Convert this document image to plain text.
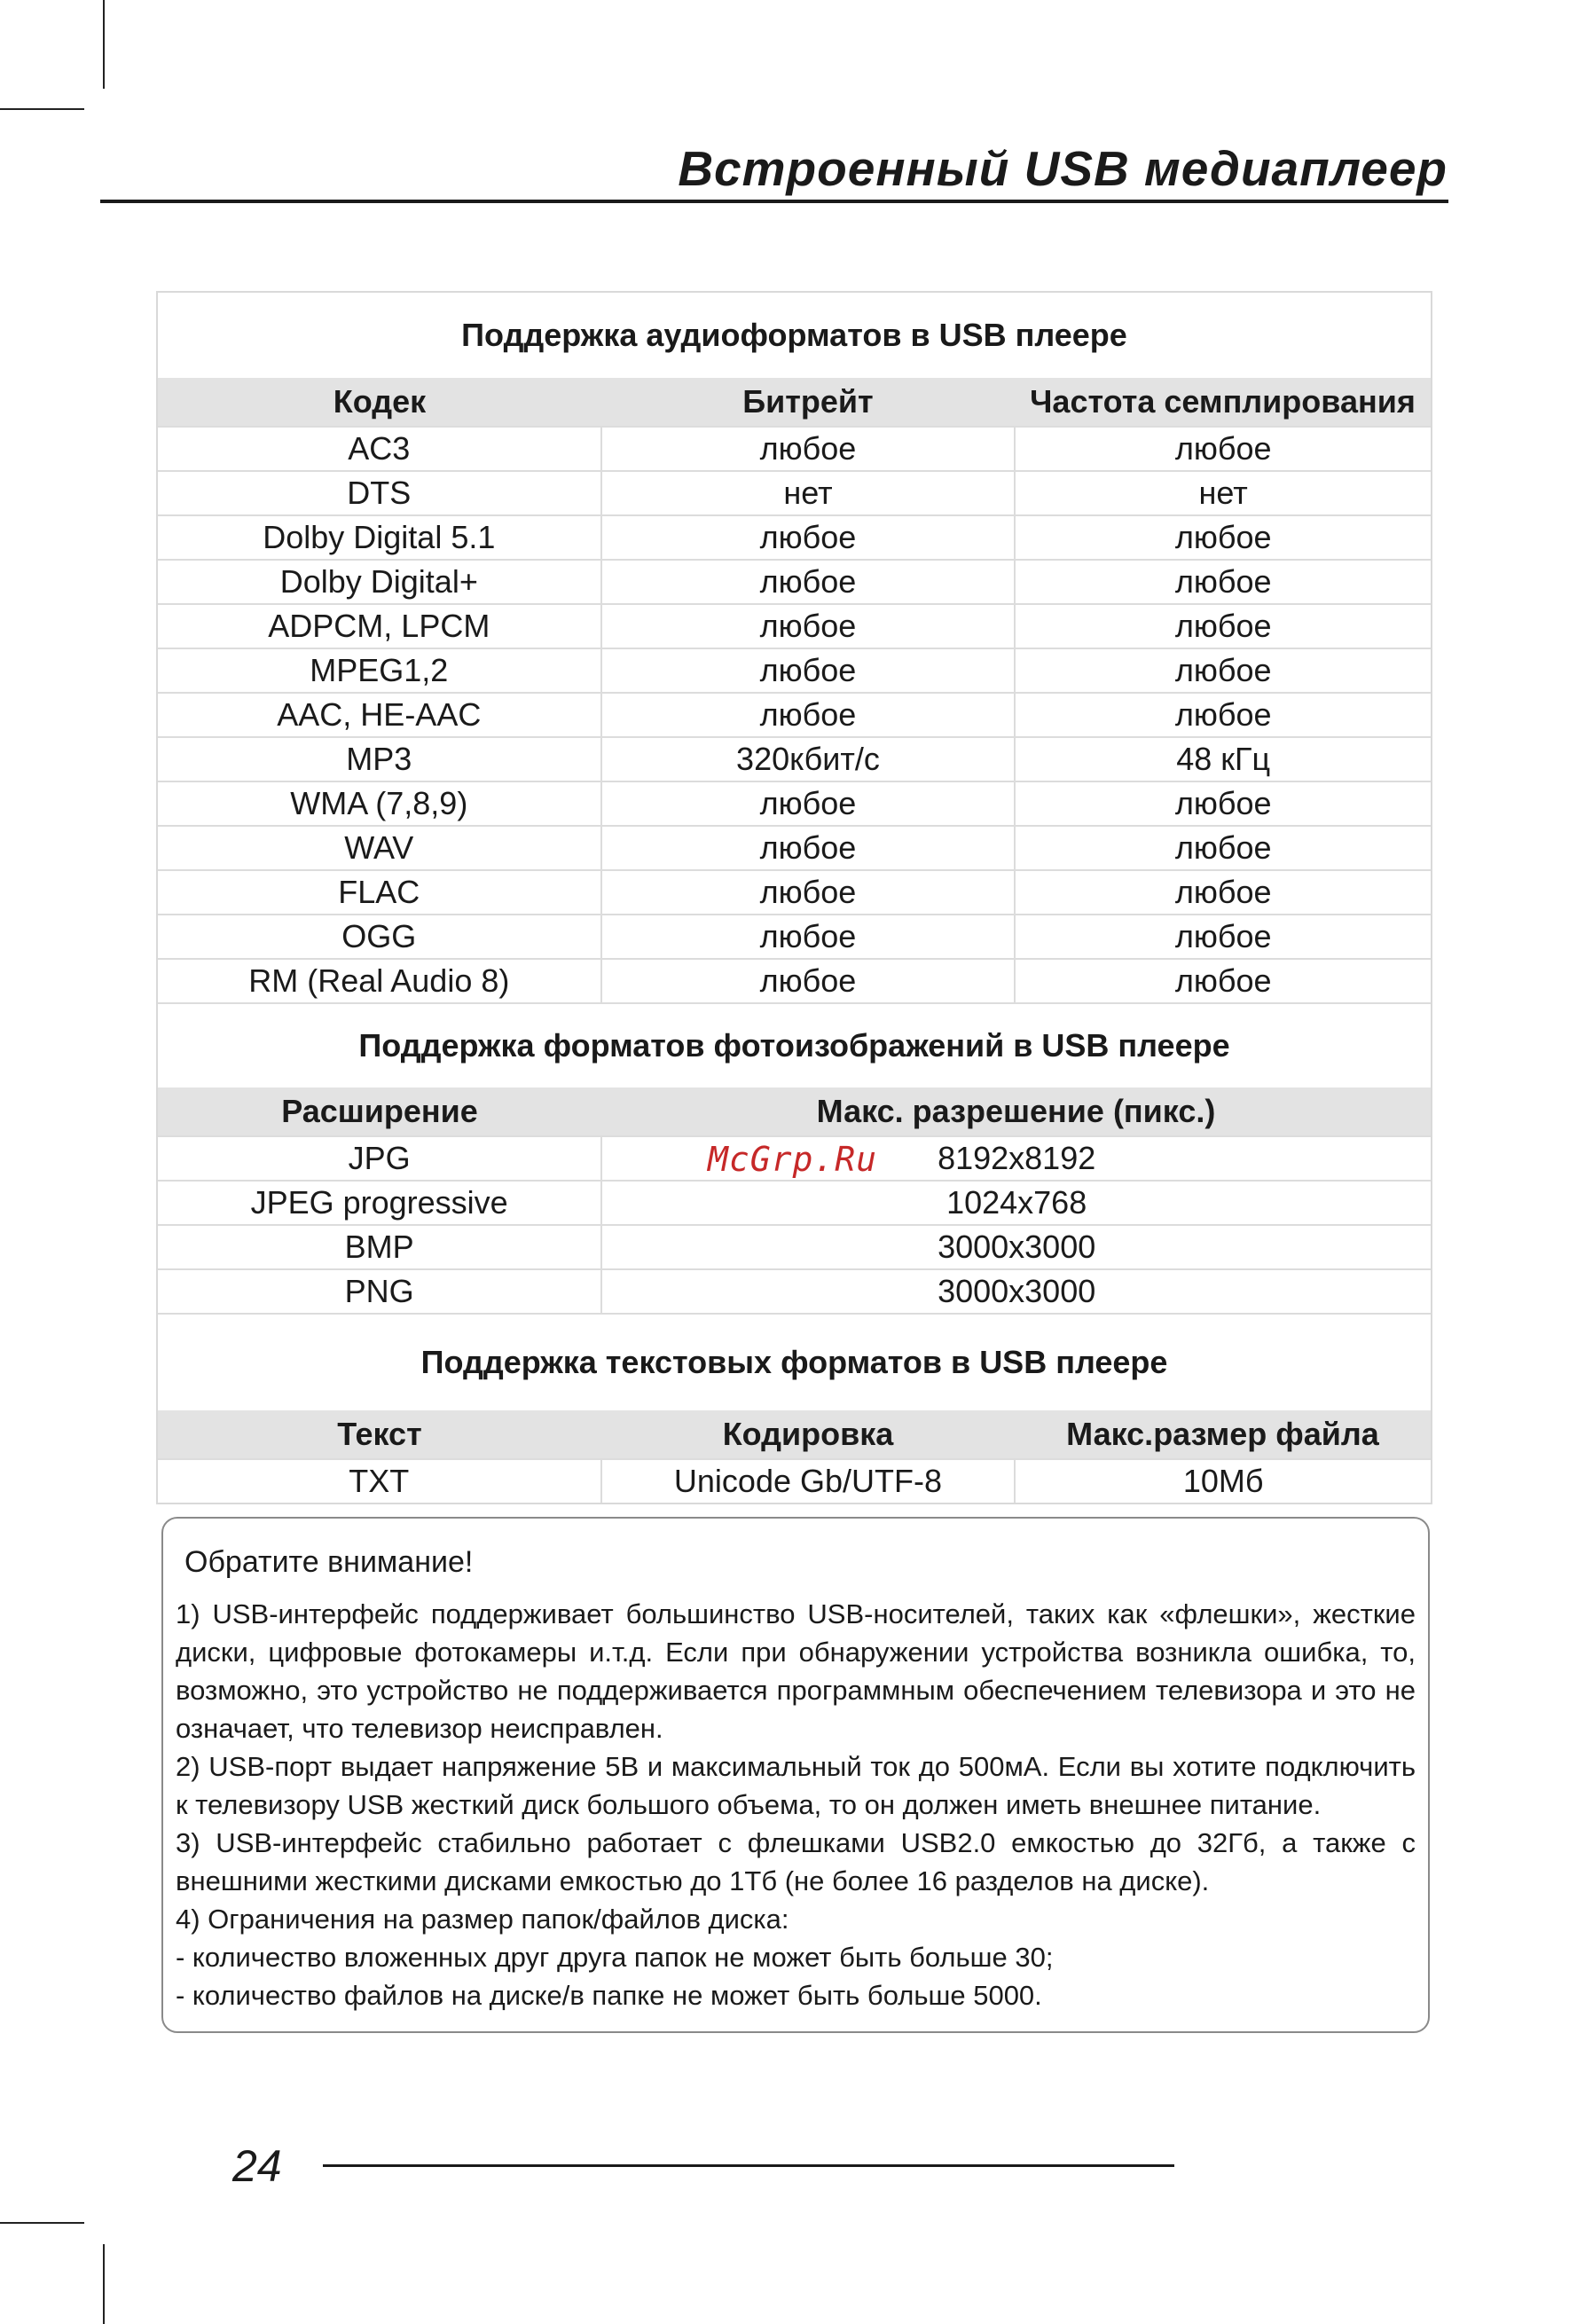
Встроенный USB медиаплеер
Поддержка аудиоформатов в USB плеере
Кодек	Битрейт	Частота семплирования
AC3	любое	любое
DTS	нет	нет
Dolby Digital 5.1	любое	любое
Dolby Digital+	любое	любое
ADPCM, LPCM	любое	любое
MPEG1,2	любое	любое
AAC, HE-AAC	любое	любое
MP3	320кбит/с	48 кГц
WMA (7,8,9)	любое	любое
WAV	любое	любое
FLAC	любое	любое
OGG	любое	любое
RM (Real Audio 8)	любое	любое
Поддержка форматов фотоизображений в USB плеере
Расширение	Макс. разрешение (пикс.)
JPG	8192x8192
JPEG progressive	1024x768
BMP	3000x3000
PNG	3000x3000
Поддержка текстовых форматов в USB плеере
Текст	Кодировка	Макс.размер файла
TXT	Unicode Gb/UTF-8	10Мб
McGrp.Ru
Обратите внимание!

1) USB-интерфейс поддерживает большинство USB-носителей, таких как «флешки», жесткие диски, цифровые фотокамеры и.т.д. Если при обнаружении устройства возникла ошибка, то, возможно, это устройство не поддерживается программным обеспечением телевизора и это не означает, что телевизор неисправлен.

2) USB-порт выдает напряжение 5В и максимальный ток до 500мА. Если вы хотите подключить к телевизору USB жесткий диск большого объема, то он должен иметь внешнее питание.

3) USB-интерфейс стабильно работает с флешками USB2.0 емкостью до 32Гб, а также с внешними жесткими дисками емкостью до 1Тб (не более 16 разделов на диске).

4) Ограничения на размер папок/файлов диска:

- количество вложенных друг друга папок не может быть больше 30;

- количество файлов на диске/в папке не может быть больше 5000.

24
